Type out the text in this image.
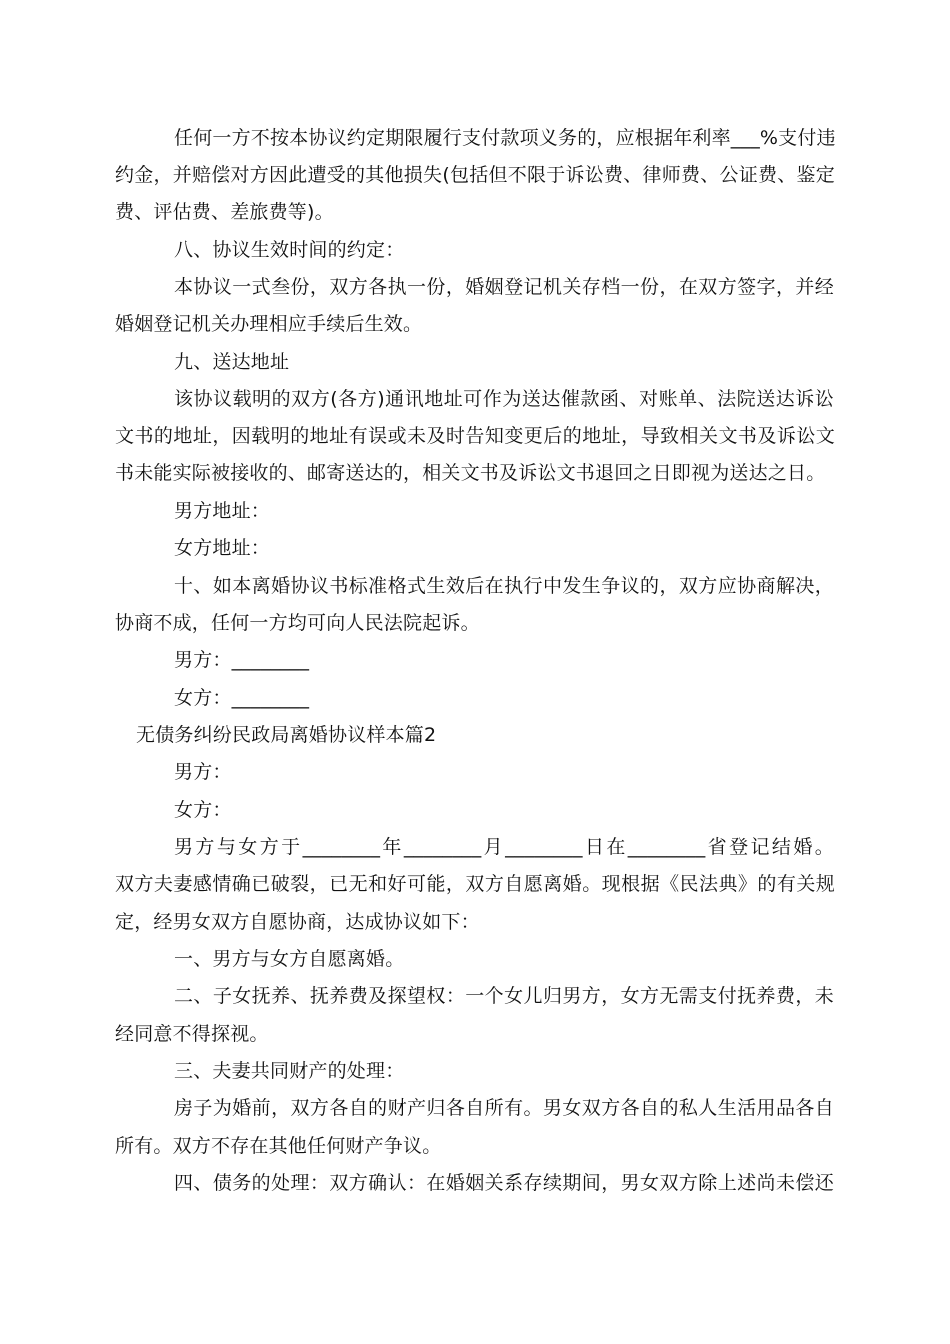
任何一方不按本协议约定期限履行支付款项义务的，应根据年利率___%支付违
约金，并赔偿对方因此遭受的其他损失(包括但不限于诉讼费、律师费、公证费、鉴定
费、评估费、差旅费等)。
八、协议生效时间的约定：
本协议一式叁份，双方各执一份，婚姻登记机关存档一份，在双方签字，并经
婚姻登记机关办理相应手续后生效。
九、送达地址
该协议载明的双方(各方)通讯地址可作为送达催款函、对账单、法院送达诉讼
文书的地址，因载明的地址有误或未及时告知变更后的地址，导致相关文书及诉讼文
书未能实际被接收的、邮寄送达的，相关文书及诉讼文书退回之日即视为送达之日。
男方地址：
女方地址：
十、如本离婚协议书标准格式生效后在执行中发生争议的，双方应协商解决，
协商不成，任何一方均可向人民法院起诉。
男方：________
女方：________
无债务纠纷民政局离婚协议样本篇2
男方：
女方：
男方与女方于________年________月________日在________省登记结婚。
双方夫妻感情确已破裂，已无和好可能，双方自愿离婚。现根据《民法典》的有关规
定，经男女双方自愿协商，达成协议如下：
一、男方与女方自愿离婚。
二、子女抚养、抚养费及探望权：一个女儿归男方，女方无需支付抚养费，未
经同意不得探视。
三、夫妻共同财产的处理：
房子为婚前，双方各自的财产归各自所有。男女双方各自的私人生活用品各自
所有。双方不存在其他任何财产争议。
四、债务的处理：双方确认：在婚姻关系存续期间，男女双方除上述尚未偿还
